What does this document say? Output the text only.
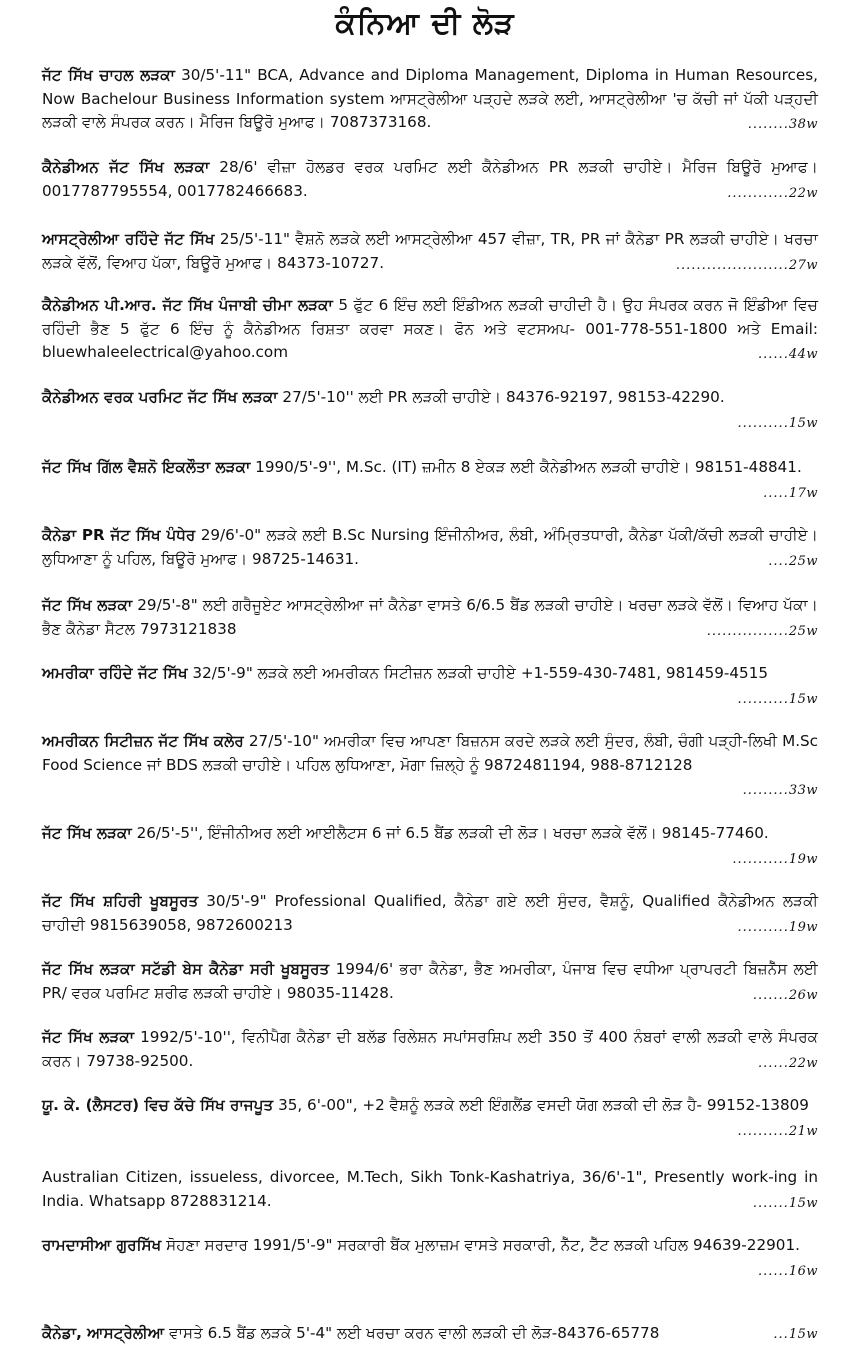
ਕੰਨਿਆ ਦੀ ਲੋੜ
ਜੱਟ ਸਿੱਖ ਚਾਹਲ ਲੜਕਾ 30/5'-11" BCA, Advance and Diploma Management, Diploma in Human Resources, Now Bachelour Business Information system ਆਸਟ੍ਰੇਲੀਆ ਪੜ੍ਹਦੇ ਲੜਕੇ ਲਈ, ਆਸਟ੍ਰੇਲੀਆ 'ਚ ਕੱਚੀ ਜਾਂ ਪੱਕੀ ਪੜ੍ਹਦੀ ਲੜਕੀ ਵਾਲੇ ਸੰਪਰਕ ਕਰਨ। ਮੈਰਿਜ ਬਿਊਰੋ ਮੁਆਫ। 7087373168.	........38w
ਕੈਨੇਡੀਅਨ ਜੱਟ ਸਿੱਖ ਲੜਕਾ 28/6' ਵੀਜ਼ਾ ਹੋਲਡਰ ਵਰਕ ਪਰਮਿਟ ਲਈ ਕੈਨੇਡੀਅਨ PR ਲੜਕੀ ਚਾਹੀਏ। ਮੈਰਿਜ ਬਿਊਰੋ ਮੁਆਫ। 0017787795554, 0017782466683.	............22w
ਆਸਟ੍ਰੇਲੀਆ ਰਹਿੰਦੇ ਜੱਟ ਸਿੱਖ 25/5'-11" ਵੈਸ਼ਨੋ ਲੜਕੇ ਲਈ ਆਸਟ੍ਰੇਲੀਆ 457 ਵੀਜ਼ਾ, TR, PR ਜਾਂ ਕੈਨੇਡਾ PR ਲੜਕੀ ਚਾਹੀਏ। ਖਰਚਾ ਲੜਕੇ ਵੱਲੋਂ, ਵਿਆਹ ਪੱਕਾ, ਬਿਊਰੋ ਮੁਆਫ। 84373-10727.	......................27w
ਕੈਨੇਡੀਅਨ ਪੀ.ਆਰ. ਜੱਟ ਸਿੱਖ ਪੰਜਾਬੀ ਚੀਮਾ ਲੜਕਾ 5 ਫੁੱਟ 6 ਇੰਚ ਲਈ ਇੰਡੀਅਨ ਲੜਕੀ ਚਾਹੀਦੀ ਹੈ। ਉਹ ਸੰਪਰਕ ਕਰਨ ਜੋ ਇੰਡੀਆ ਵਿਚ ਰਹਿੰਦੀ ਭੈਣ 5 ਫੁੱਟ 6 ਇੰਚ ਨੂੰ ਕੈਨੇਡੀਅਨ ਰਿਸ਼ਤਾ ਕਰਵਾ ਸਕਣ। ਫੋਨ ਅਤੇ ਵਟਸਅਪ- 001-778-551-1800 ਅਤੇ Email: bluewhaleelectrical@yahoo.com	......44w
ਕੈਨੇਡੀਅਨ ਵਰਕ ਪਰਮਿਟ ਜੱਟ ਸਿੱਖ ਲੜਕਾ 27/5'-10'' ਲਈ PR ਲੜਕੀ ਚਾਹੀਏ। 84376-92197, 98153-42290.
..........15w
ਜੱਟ ਸਿੱਖ ਗਿੱਲ ਵੈਸ਼ਨੋ ਇਕਲੌਤਾ ਲੜਕਾ 1990/5'-9'', M.Sc. (IT) ਜ਼ਮੀਨ 8 ਏਕੜ ਲਈ ਕੈਨੇਡੀਅਨ ਲੜਕੀ ਚਾਹੀਏ। 98151-48841.
.....17w
ਕੈਨੇਡਾ PR ਜੱਟ ਸਿੱਖ ਪੰਧੇਰ 29/6'-0" ਲੜਕੇ ਲਈ B.Sc Nursing ਇੰਜੀਨੀਅਰ, ਲੰਬੀ, ਅੰਮ੍ਰਿਤਧਾਰੀ, ਕੈਨੇਡਾ ਪੱਕੀ/ਕੱਚੀ ਲੜਕੀ ਚਾਹੀਏ। ਲੁਧਿਆਣਾ ਨੂੰ ਪਹਿਲ, ਬਿਊਰੋ ਮੁਆਫ। 98725-14631.	....25w
ਜੱਟ ਸਿੱਖ ਲੜਕਾ 29/5'-8" ਲਈ ਗਰੈਜੂਏਟ ਆਸਟ੍ਰੇਲੀਆ ਜਾਂ ਕੈਨੇਡਾ ਵਾਸਤੇ 6/6.5 ਬੈਂਡ ਲੜਕੀ ਚਾਹੀਏ। ਖਰਚਾ ਲੜਕੇ ਵੱਲੋਂ। ਵਿਆਹ ਪੱਕਾ। ਭੈਣ ਕੈਨੇਡਾ ਸੈਟਲ 7973121838	................25w
ਅਮਰੀਕਾ ਰਹਿੰਦੇ ਜੱਟ ਸਿੱਖ 32/5'-9" ਲੜਕੇ ਲਈ ਅਮਰੀਕਨ ਸਿਟੀਜ਼ਨ ਲੜਕੀ ਚਾਹੀਏ +1-559-430-7481, 981459-4515
..........15w
ਅਮਰੀਕਨ ਸਿਟੀਜ਼ਨ ਜੱਟ ਸਿੱਖ ਕਲੇਰ 27/5'-10" ਅਮਰੀਕਾ ਵਿਚ ਆਪਣਾ ਬਿਜ਼ਨਸ ਕਰਦੇ ਲੜਕੇ ਲਈ ਸੁੰਦਰ, ਲੰਬੀ, ਚੰਗੀ ਪੜ੍ਹੀ-ਲਿਖੀ M.Sc Food Science ਜਾਂ BDS ਲੜਕੀ ਚਾਹੀਏ। ਪਹਿਲ ਲੁਧਿਆਣਾ, ਮੋਗਾ ਜ਼ਿਲ੍ਹੇ ਨੂੰ 9872481194, 988-8712128
.........33w
ਜੱਟ ਸਿੱਖ ਲੜਕਾ 26/5'-5'', ਇੰਜੀਨੀਅਰ ਲਈ ਆਈਲੈਟਸ 6 ਜਾਂ 6.5 ਬੈਂਡ ਲੜਕੀ ਦੀ ਲੋੜ। ਖਰਚਾ ਲੜਕੇ ਵੱਲੋਂ। 98145-77460.
...........19w
ਜੱਟ ਸਿੱਖ ਸ਼ਹਿਰੀ ਖੂਬਸੂਰਤ 30/5'-9" Professional Qualified, ਕੈਨੇਡਾ ਗਏ ਲਈ ਸੁੰਦਰ, ਵੈਸ਼ਨੂੰ, Qualified ਕੈਨੇਡੀਅਨ ਲੜਕੀ ਚਾਹੀਦੀ 9815639058, 9872600213	..........19w
ਜੱਟ ਸਿੱਖ ਲੜਕਾ ਸਟੱਡੀ ਬੇਸ ਕੈਨੇਡਾ ਸਰੀ ਖੂਬਸੂਰਤ 1994/6' ਭਰਾ ਕੈਨੇਡਾ, ਭੈਣ ਅਮਰੀਕਾ, ਪੰਜਾਬ ਵਿਚ ਵਧੀਆ ਪ੍ਰਾਪਰਟੀ ਬਿਜ਼ਨੈੱਸ ਲਈ PR/ ਵਰਕ ਪਰਮਿਟ ਸ਼ਰੀਫ ਲੜਕੀ ਚਾਹੀਏ। 98035-11428.	.......26w
ਜੱਟ ਸਿੱਖ ਲੜਕਾ 1992/5'-10'', ਵਿਨੀਪੈਗ ਕੈਨੇਡਾ ਦੀ ਬਲੱਡ ਰਿਲੇਸ਼ਨ ਸਪਾਂਸਰਸ਼ਿਪ ਲਈ 350 ਤੋਂ 400 ਨੰਬਰਾਂ ਵਾਲੀ ਲੜਕੀ ਵਾਲੇ ਸੰਪਰਕ ਕਰਨ। 79738-92500.	......22w
ਯੂ. ਕੇ. (ਲੈਸਟਰ) ਵਿਚ ਕੱਚੇ ਸਿੱਖ ਰਾਜਪੂਤ 35, 6'-00", +2 ਵੈਸ਼ਨੂੰ ਲੜਕੇ ਲਈ ਇੰਗਲੈਂਡ ਵਸਦੀ ਯੋਗ ਲੜਕੀ ਦੀ ਲੋੜ ਹੈ- 99152-13809
..........21w
Australian Citizen, issueless, divorcee, M.Tech, Sikh Tonk-Kashatriya, 36/6'-1", Presently work-ing in India. Whatsapp 8728831214.	.......15w
ਰਾਮਦਾਸੀਆ ਗੁਰਸਿੱਖ ਸੋਹਣਾ ਸਰਦਾਰ 1991/5'-9" ਸਰਕਾਰੀ ਬੈਂਕ ਮੁਲਾਜ਼ਮ ਵਾਸਤੇ ਸਰਕਾਰੀ, ਨੈੱਟ, ਟੈੱਟ ਲੜਕੀ ਪਹਿਲ 94639-22901.
......16w
ਕੈਨੇਡਾ, ਆਸਟ੍ਰੇਲੀਆ ਵਾਸਤੇ 6.5 ਬੈਂਡ ਲੜਕੇ 5'-4" ਲਈ ਖਰਚਾ ਕਰਨ ਵਾਲੀ ਲੜਕੀ ਦੀ ਲੋੜ-84376-65778	...15w
